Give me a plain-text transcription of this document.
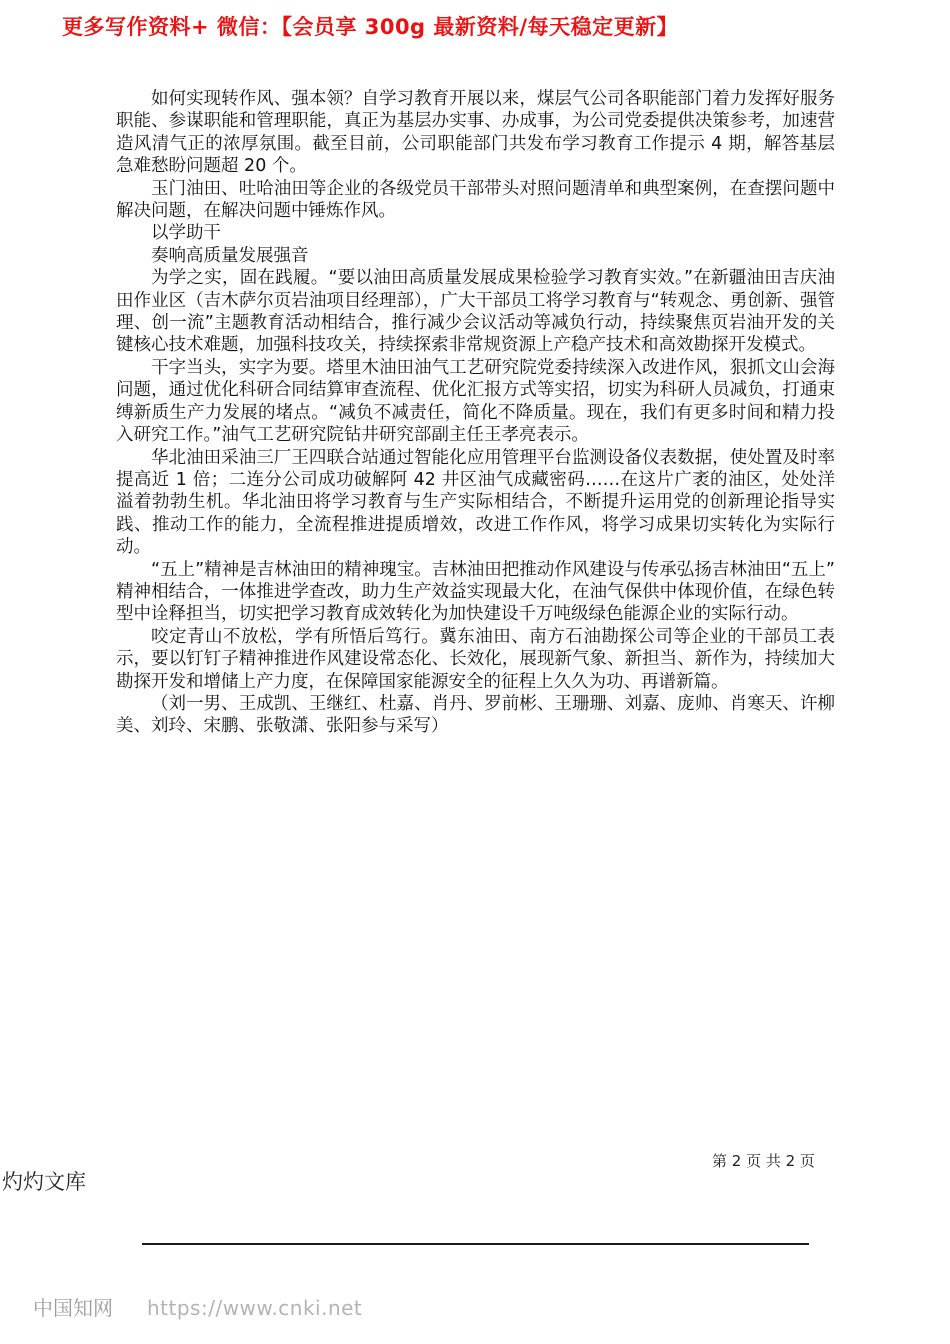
更多写作资料+ 微信：【会员享 300g 最新资料/每天稳定更新】

如何实现转作风、强本领？自学习教育开展以来，煤层气公司各职能部门着力发挥好服务职能、参谋职能和管理职能，真正为基层办实事、办成事，为公司党委提供决策参考，加速营造风清气正的浓厚氛围。截至目前，公司职能部门共发布学习教育工作提示 4 期，解答基层急难愁盼问题超 20 个。

玉门油田、吐哈油田等企业的各级党员干部带头对照问题清单和典型案例，在查摆问题中解决问题，在解决问题中锤炼作风。

以学助干

奏响高质量发展强音

为学之实，固在践履。“要以油田高质量发展成果检验学习教育实效。”在新疆油田吉庆油田作业区（吉木萨尔页岩油项目经理部），广大干部员工将学习教育与“转观念、勇创新、强管理、创一流”主题教育活动相结合，推行减少会议活动等减负行动，持续聚焦页岩油开发的关键核心技术难题，加强科技攻关，持续探索非常规资源上产稳产技术和高效勘探开发模式。

干字当头，实字为要。塔里木油田油气工艺研究院党委持续深入改进作风，狠抓文山会海问题，通过优化科研合同结算审查流程、优化汇报方式等实招，切实为科研人员减负，打通束缚新质生产力发展的堵点。“减负不减责任，简化不降质量。现在，我们有更多时间和精力投入研究工作。”油气工艺研究院钻井研究部副主任王孝亮表示。

华北油田采油三厂王四联合站通过智能化应用管理平台监测设备仪表数据，使处置及时率提高近 1 倍；二连分公司成功破解阿 42 井区油气成藏密码……在这片广袤的油区，处处洋溢着勃勃生机。华北油田将学习教育与生产实际相结合，不断提升运用党的创新理论指导实践、推动工作的能力，全流程推进提质增效，改进工作作风，将学习成果切实转化为实际行动。

“五上”精神是吉林油田的精神瑰宝。吉林油田把推动作风建设与传承弘扬吉林油田“五上”精神相结合，一体推进学查改，助力生产效益实现最大化，在油气保供中体现价值，在绿色转型中诠释担当，切实把学习教育成效转化为加快建设千万吨级绿色能源企业的实际行动。

咬定青山不放松，学有所悟后笃行。冀东油田、南方石油勘探公司等企业的干部员工表示，要以钉钉子精神推进作风建设常态化、长效化，展现新气象、新担当、新作为，持续加大勘探开发和增储上产力度，在保障国家能源安全的征程上久久为功、再谱新篇。

（刘一男、王成凯、王继红、杜嘉、肖丹、罗前彬、王珊珊、刘嘉、庞帅、肖寒天、许柳美、刘玲、宋鹏、张敬潇、张阳参与采写）

第 2 页 共 2 页
灼灼文库
中国知网 https://www.cnki.net
